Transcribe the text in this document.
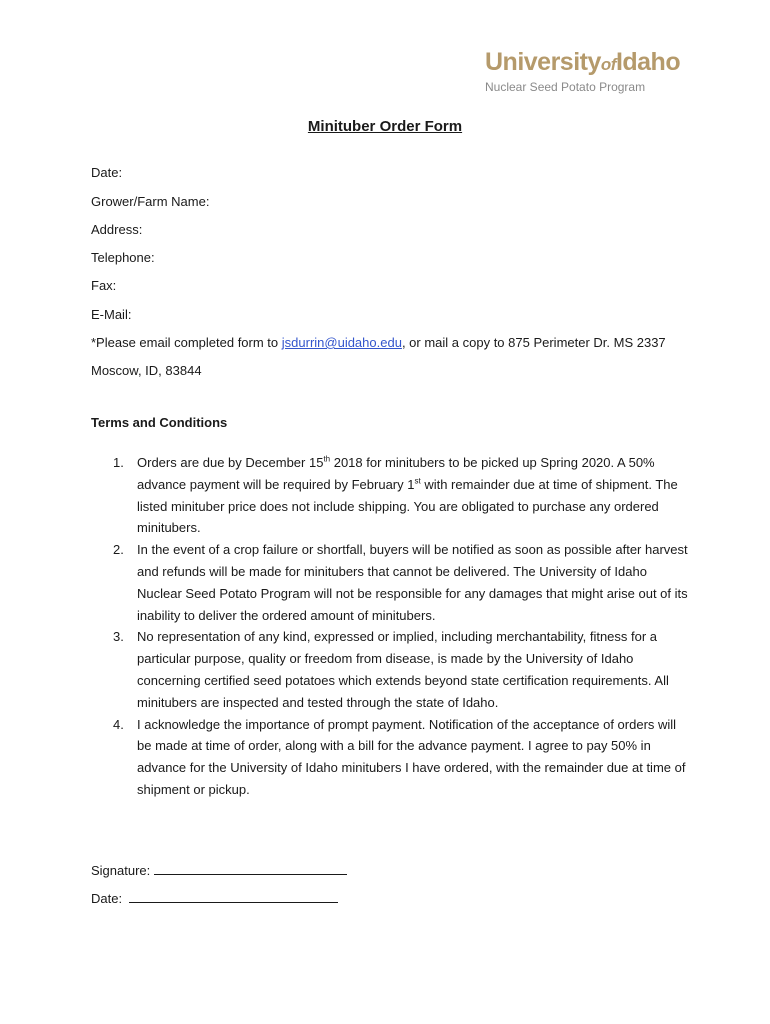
UniversityofIdaho
Nuclear Seed Potato Program
Minituber Order Form
Date:
Grower/Farm Name:
Address:
Telephone:
Fax:
E-Mail:
*Please email completed form to jsdurrin@uidaho.edu, or mail a copy to 875 Perimeter Dr. MS 2337 Moscow, ID, 83844
Terms and Conditions
1. Orders are due by December 15th 2018 for minitubers to be picked up Spring 2020. A 50% advance payment will be required by February 1st with remainder due at time of shipment. The listed minituber price does not include shipping. You are obligated to purchase any ordered minitubers.
2. In the event of a crop failure or shortfall, buyers will be notified as soon as possible after harvest and refunds will be made for minitubers that cannot be delivered. The University of Idaho Nuclear Seed Potato Program will not be responsible for any damages that might arise out of its inability to deliver the ordered amount of minitubers.
3. No representation of any kind, expressed or implied, including merchantability, fitness for a particular purpose, quality or freedom from disease, is made by the University of Idaho concerning certified seed potatoes which extends beyond state certification requirements. All minitubers are inspected and tested through the state of Idaho.
4. I acknowledge the importance of prompt payment. Notification of the acceptance of orders will be made at time of order, along with a bill for the advance payment. I agree to pay 50% in advance for the University of Idaho minitubers I have ordered, with the remainder due at time of shipment or pickup.
Signature:
Date:
